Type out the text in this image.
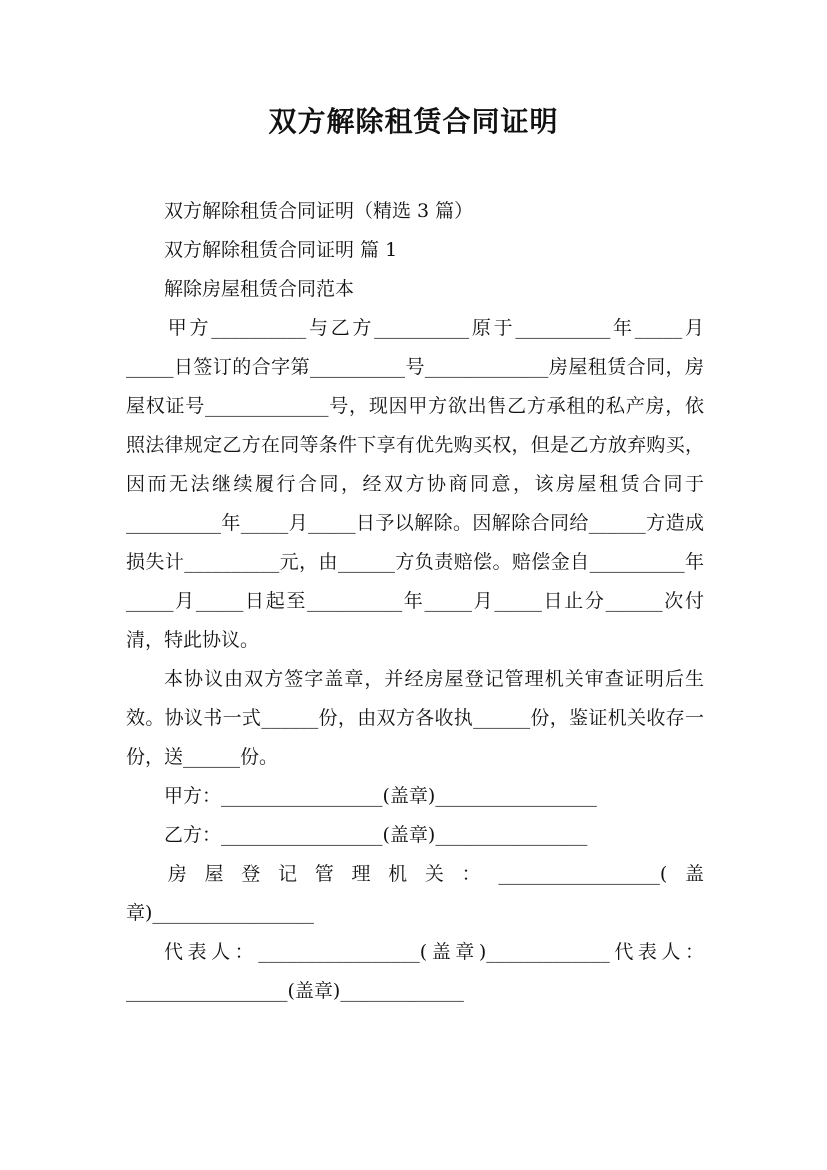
双方解除租赁合同证明

双方解除租赁合同证明（精选 3 篇）

双方解除租赁合同证明 篇 1

解除房屋租赁合同范本

甲方__________与乙方__________原于__________年_____月_____日签订的合字第__________号_____________房屋租赁合同，房屋权证号_____________号，现因甲方欲出售乙方承租的私产房，依照法律规定乙方在同等条件下享有优先购买权，但是乙方放弃购买，因而无法继续履行合同，经双方协商同意，该房屋租赁合同于__________年_____月_____日予以解除。因解除合同给______方造成损失计__________元，由______方负责赔偿。赔偿金自__________年_____月_____日起至__________年_____月_____日止分______次付清，特此协议。

本协议由双方签字盖章，并经房屋登记管理机关审查证明后生效。协议书一式______份，由双方各收执______份，鉴证机关收存一份，送______份。

甲方：_________________(盖章)_________________

乙方：_________________(盖章)________________

房屋登记管理机关：_________________(盖章)_________________

代表人：_________________(盖章)_____________代表人：_________________(盖章)_____________
